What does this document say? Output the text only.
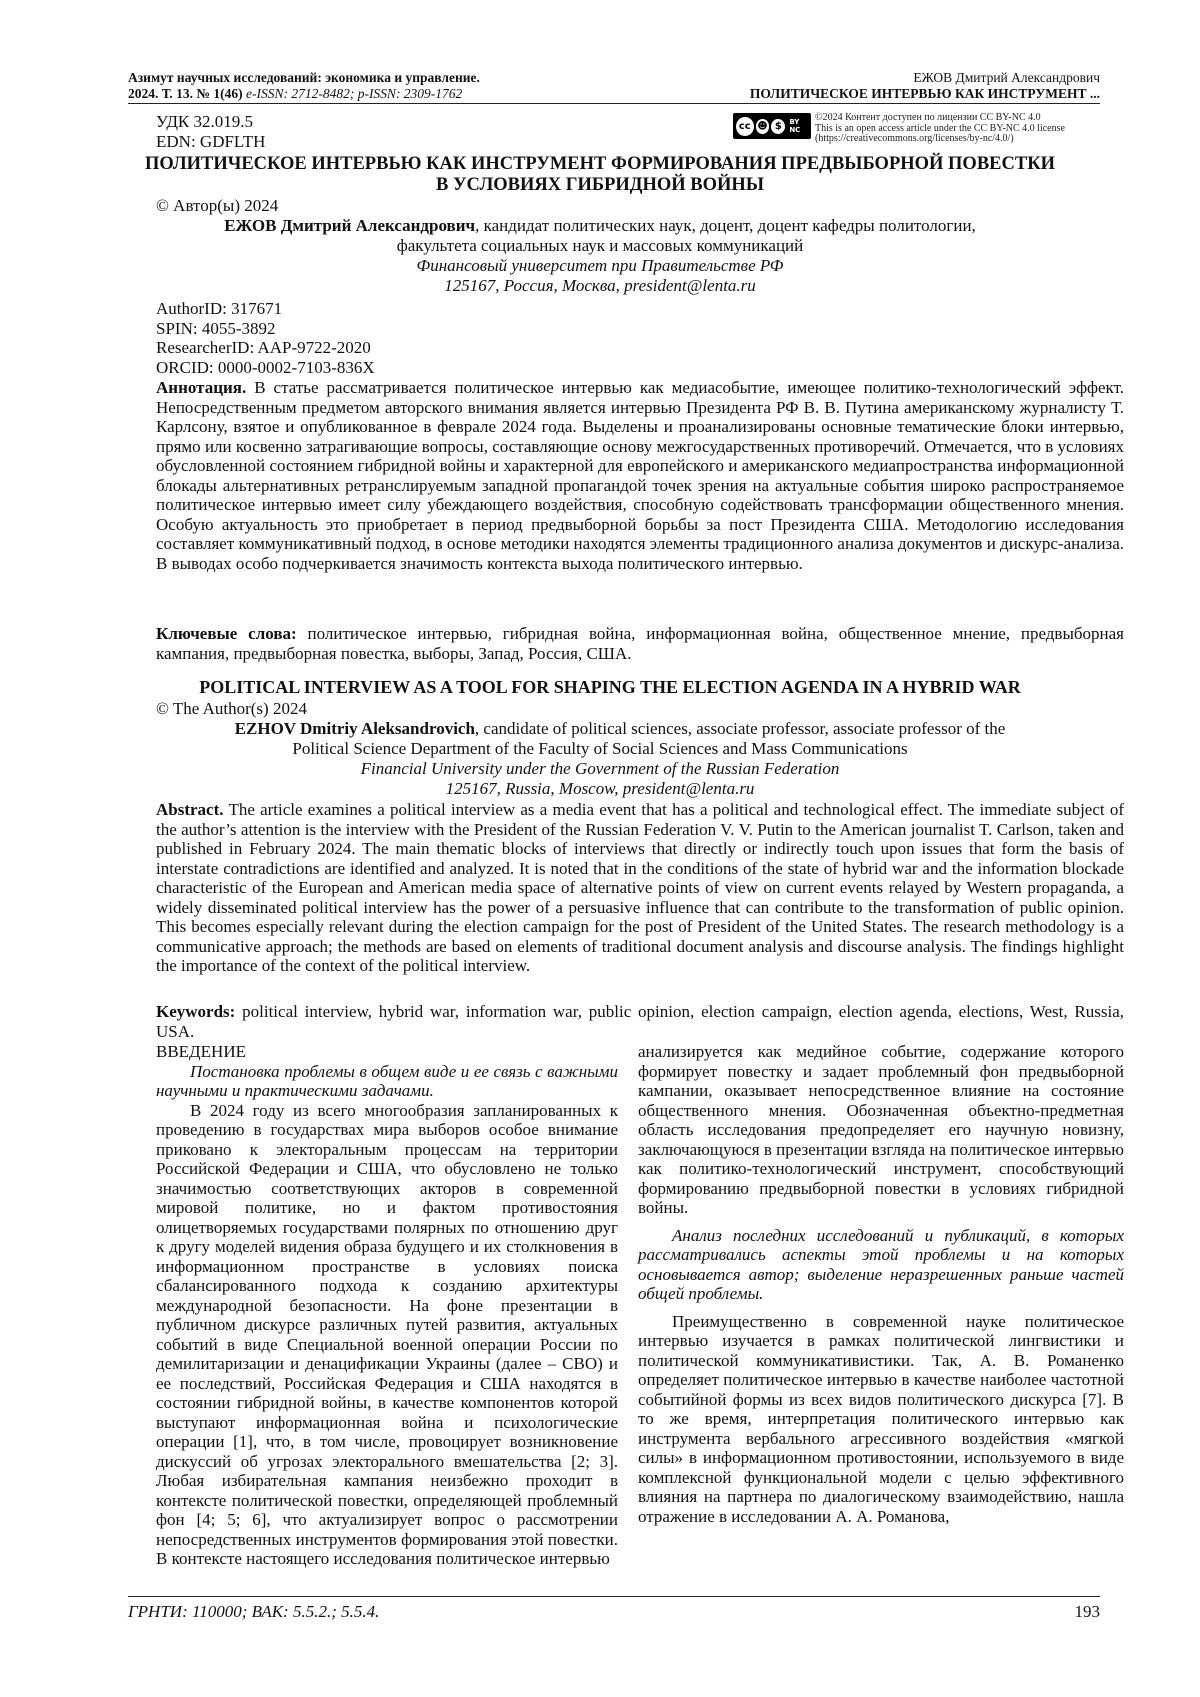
Азимут научных исследований: экономика и управление.
2024. Т. 13. № 1(46) e-ISSN: 2712-8482; p-ISSN: 2309-1762
ЕЖОВ Дмитрий Александрович
ПОЛИТИЧЕСКОЕ ИНТЕРВЬЮ КАК ИНСТРУМЕНТ ...
УДК 32.019.5
EDN: GDFLTH
cc ☻ $	BY NC
©2024 Контент доступен по лицензии CC BY-NC 4.0
This is an open access article under the CC BY-NC 4.0 license
(https://creativecommons.org/licenses/by-nc/4.0/)
ПОЛИТИЧЕСКОЕ ИНТЕРВЬЮ КАК ИНСТРУМЕНТ ФОРМИРОВАНИЯ ПРЕДВЫБОРНОЙ ПОВЕСТКИ В УСЛОВИЯХ ГИБРИДНОЙ ВОЙНЫ
© Автор(ы) 2024
ЕЖОВ Дмитрий Александрович, кандидат политических наук, доцент, доцент кафедры политологии,
факультета социальных наук и массовых коммуникаций
Финансовый университет при Правительстве РФ
125167, Россия, Москва, president@lenta.ru
AuthorID: 317671
SPIN: 4055-3892
ResearcherID: AAP-9722-2020
ORCID: 0000-0002-7103-836X
Аннотация. В статье рассматривается политическое интервью как медиасобытие, имеющее политико-технологический эффект. Непосредственным предметом авторского внимания является интервью Президента РФ В. В. Путина американскому журналисту Т. Карлсону, взятое и опубликованное в феврале 2024 года. Выделены и проанализированы основные тематические блоки интервью, прямо или косвенно затрагивающие вопросы, составляющие основу межгосударственных противоречий. Отмечается, что в условиях обусловленной состоянием гибридной войны и характерной для европейского и американского медиапространства информационной блокады альтернативных ретранслируемым западной пропагандой точек зрения на актуальные события широко распространяемое политическое интервью имеет силу убеждающего воздействия, способную содействовать трансформации общественного мнения. Особую актуальность это приобретает в период предвыборной борьбы за пост Президента США. Методологию исследования составляет коммуникативный подход, в основе методики находятся элементы традиционного анализа документов и дискурс-анализа. В выводах особо подчеркивается значимость контекста выхода политического интервью.
Ключевые слова: политическое интервью, гибридная война, информационная война, общественное мнение, предвыборная кампания, предвыборная повестка, выборы, Запад, Россия, США.
POLITICAL INTERVIEW AS A TOOL FOR SHAPING THE ELECTION AGENDA IN A HYBRID WAR
© The Author(s) 2024
EZHOV Dmitriy Aleksandrovich, candidate of political sciences, associate professor, associate professor of the
Political Science Department of the Faculty of Social Sciences and Mass Communications
Financial University under the Government of the Russian Federation
125167, Russia, Moscow, president@lenta.ru
Abstract. The article examines a political interview as a media event that has a political and technological effect. The immediate subject of the author’s attention is the interview with the President of the Russian Federation V. V. Putin to the American journalist T. Carlson, taken and published in February 2024. The main thematic blocks of interviews that directly or indirectly touch upon issues that form the basis of interstate contradictions are identified and analyzed. It is noted that in the conditions of the state of hybrid war and the information blockade characteristic of the European and American media space of alternative points of view on current events relayed by Western propaganda, a widely disseminated political interview has the power of a persuasive influence that can contribute to the transformation of public opinion. This becomes especially relevant during the election campaign for the post of President of the United States. The research methodology is a communicative approach; the methods are based on elements of traditional document analysis and discourse analysis. The findings highlight the importance of the context of the political interview.
Keywords: political interview, hybrid war, information war, public opinion, election campaign, election agenda, elections, West, Russia, USA.

ВВЕДЕНИЕ

Постановка проблемы в общем виде и ее связь с важными научными и практическими задачами.

В 2024 году из всего многообразия запланированных к проведению в государствах мира выборов особое внимание приковано к электоральным процессам на территории Российской Федерации и США, что обусловлено не только значимостью соответствующих акторов в современной мировой политике, но и фактом противостояния олицетворяемых государствами полярных по отношению друг к другу моделей видения образа будущего и их столкновения в информационном пространстве в условиях поиска сбалансированного подхода к созданию архитектуры международной безопасности. На фоне презентации в публичном дискурсе различных путей развития, актуальных событий в виде Специальной военной операции России по демилитаризации и денацификации Украины (далее – СВО) и ее последствий, Российская Федерация и США находятся в состоянии гибридной войны, в качестве компонентов которой выступают информационная война и психологические операции [1], что, в том числе, провоцирует возникновение дискуссий об угрозах электорального вмешательства [2; 3]. Любая избирательная кампания неизбежно проходит в контексте политической повестки, определяющей проблемный фон [4; 5; 6], что актуализирует вопрос о рассмотрении непосредственных инструментов формирования этой повестки. В контексте настоящего исследования политическое интервью

анализируется как медийное событие, содержание которого формирует повестку и задает проблемный фон предвыборной кампании, оказывает непосредственное влияние на состояние общественного мнения. Обозначенная объектно-предметная область исследования предопределяет его научную новизну, заключающуюся в презентации взгляда на политическое интервью как политико-технологический инструмент, способствующий формированию предвыборной повестки в условиях гибридной войны.

Анализ последних исследований и публикаций, в которых рассматривались аспекты этой проблемы и на которых основывается автор; выделение неразрешенных раньше частей общей проблемы.

Преимущественно в современной науке политическое интервью изучается в рамках политической лингвистики и политической коммуникативистики. Так, А. В. Романенко определяет политическое интервью в качестве наиболее частотной событийной формы из всех видов политического дискурса [7]. В то же время, интерпретация политического интервью как инструмента вербального агрессивного воздействия «мягкой силы» в информационном противостоянии, используемого в виде комплексной функциональной модели с целью эффективного влияния на партнера по диалогическому взаимодействию, нашла отражение в исследовании А. А. Романова,

ГРНТИ: 110000; ВАК: 5.5.2.; 5.5.4.	193
